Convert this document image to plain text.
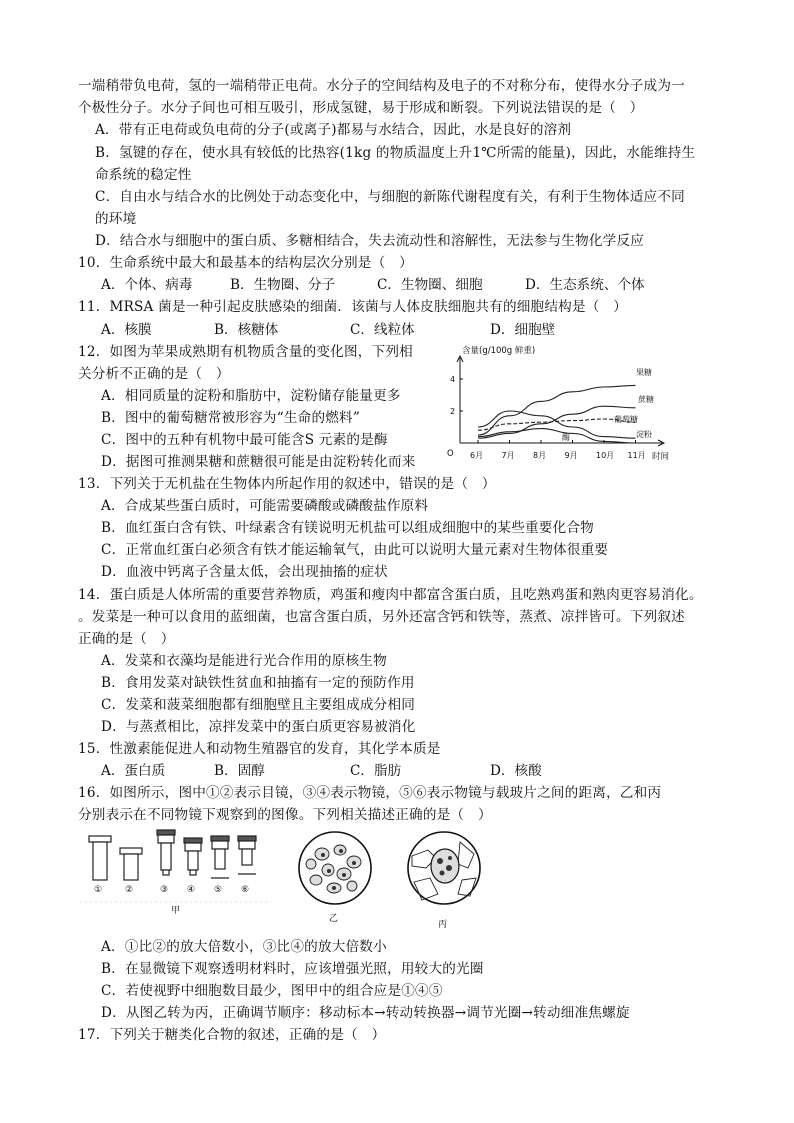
一端稍带负电荷，氢的一端稍带正电荷。水分子的空间结构及电子的不对称分布，使得水分子成为一
个极性分子。水分子间也可相互吸引，形成氢键，易于形成和断裂。下列说法错误的是（　）
A．带有正电荷或负电荷的分子(或离子)都易与水结合，因此，水是良好的溶剂
B．氢键的存在，使水具有较低的比热容(1kg 的物质温度上升1℃所需的能量)，因此，水能维持生
命系统的稳定性
C．自由水与结合水的比例处于动态变化中，与细胞的新陈代谢程度有关，有利于生物体适应不同
的环境
D．结合水与细胞中的蛋白质、多糖相结合，失去流动性和溶解性，无法参与生物化学反应
10．生命系统中最大和最基本的结构层次分别是（　）
A．个体、病毒	B．生物圈、分子	C．生物圈、细胞	D．生态系统、个体
11．MRSA 菌是一种引起皮肤感染的细菌．该菌与人体皮肤细胞共有的细胞结构是（　）
A．核膜	B．核糖体	C．线粒体	D．细胞壁
12．如图为苹果成熟期有机物质含量的变化图，下列相
关分析不正确的是（　）
A．相同质量的淀粉和脂肪中，淀粉储存能量更多
B．图中的葡萄糖常被形容为“生命的燃料”
C．图中的五种有机物中最可能含S 元素的是酶
D．据图可推测果糖和蔗糖很可能是由淀粉转化而来
含量(g/100g 鲜重)
O	时间
2
4
6月 7月 8月 9月 10月 11月
果糖
蔗糖
葡萄糖
淀粉
酶
13．下列关于无机盐在生物体内所起作用的叙述中，错误的是（　）
A．合成某些蛋白质时，可能需要磷酸或磷酸盐作原料
B．血红蛋白含有铁、叶绿素含有镁说明无机盐可以组成细胞中的某些重要化合物
C．正常血红蛋白必须含有铁才能运输氧气，由此可以说明大量元素对生物体很重要
D．血液中钙离子含量太低，会出现抽搐的症状
14．蛋白质是人体所需的重要营养物质，鸡蛋和瘦肉中都富含蛋白质，且吃熟鸡蛋和熟肉更容易消化。
。发菜是一种可以食用的蓝细菌，也富含蛋白质，另外还富含钙和铁等，蒸煮、凉拌皆可。下列叙述
正确的是（　）
A．发菜和衣藻均是能进行光合作用的原核生物
B．食用发菜对缺铁性贫血和抽搐有一定的预防作用
C．发菜和菠菜细胞都有细胞壁且主要组成成分相同
D．与蒸煮相比，凉拌发菜中的蛋白质更容易被消化
15．性激素能促进人和动物生殖器官的发育，其化学本质是
A．蛋白质	B．固醇	C．脂肪	D．核酸
16．如图所示，图中①②表示目镜，③④表示物镜，⑤⑥表示物镜与载玻片之间的距离，乙和丙
分别表示在不同物镜下观察到的图像。下列相关描述正确的是（　）
①	②	③ ④ ⑤ ⑥
甲
乙
丙
A．①比②的放大倍数小，③比④的放大倍数小
B．在显微镜下观察透明材料时，应该增强光照，用较大的光圈
C．若使视野中细胞数目最少，图甲中的组合应是①④⑤
D．从图乙转为丙，正确调节顺序：移动标本→转动转换器→调节光圈→转动细准焦螺旋
17．下列关于糖类化合物的叙述，正确的是（　）
